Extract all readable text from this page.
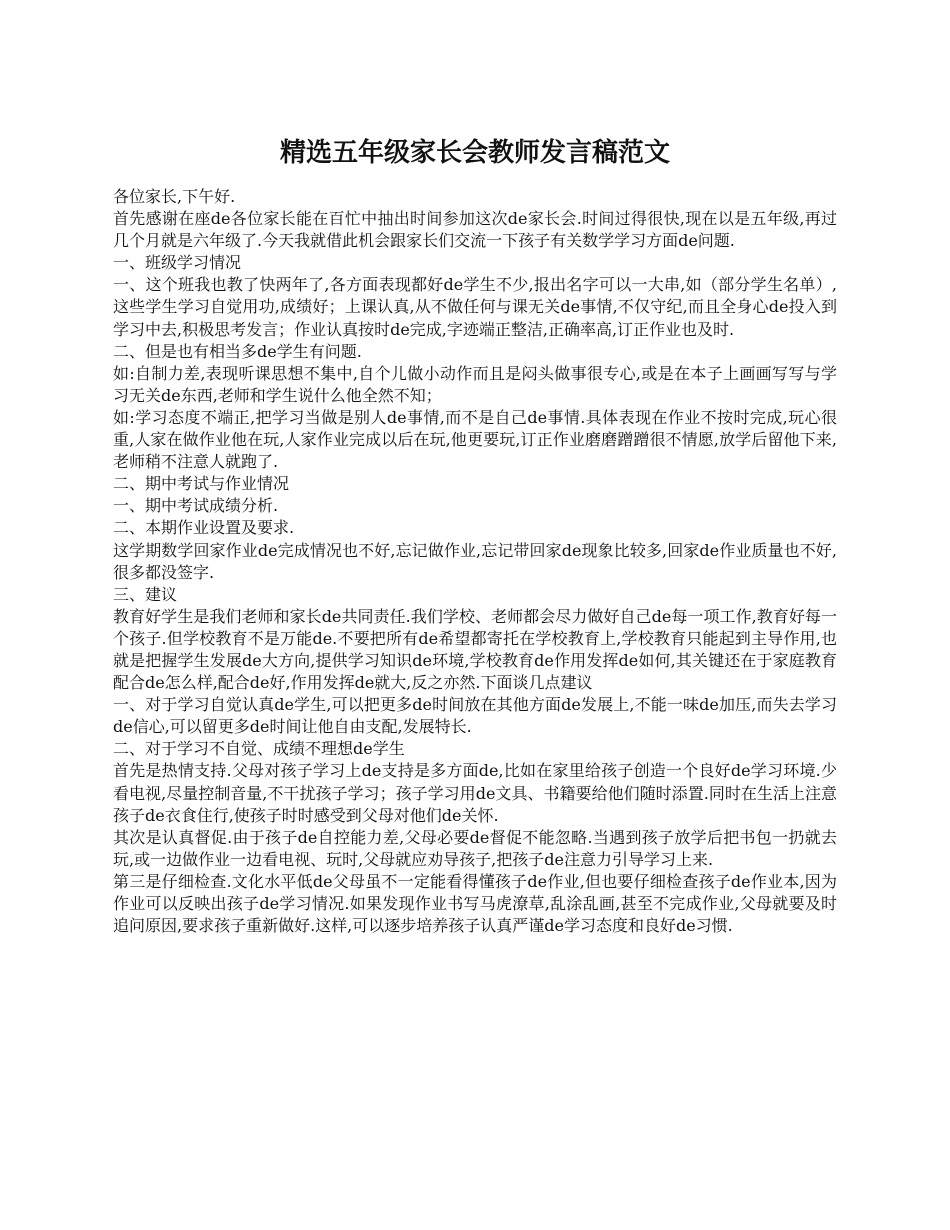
精选五年级家长会教师发言稿范文

各位家长,下午好.

首先感谢在座de各位家长能在百忙中抽出时间参加这次de家长会.时间过得很快,现在以是五年级,再过几个月就是六年级了.今天我就借此机会跟家长们交流一下孩子有关数学学习方面de问题.

一、班级学习情况

一、这个班我也教了快两年了,各方面表现都好de学生不少,报出名字可以一大串,如（部分学生名单）,这些学生学习自觉用功,成绩好；上课认真,从不做任何与课无关de事情,不仅守纪,而且全身心de投入到学习中去,积极思考发言；作业认真按时de完成,字迹端正整洁,正确率高,订正作业也及时.

二、但是也有相当多de学生有问题.

如:自制力差,表现听课思想不集中,自个儿做小动作而且是闷头做事很专心,或是在本子上画画写写与学习无关de东西,老师和学生说什么他全然不知；

如:学习态度不端正,把学习当做是别人de事情,而不是自己de事情.具体表现在作业不按时完成,玩心很重,人家在做作业他在玩,人家作业完成以后在玩,他更要玩,订正作业磨磨蹭蹭很不情愿,放学后留他下来,老师稍不注意人就跑了.

二、期中考试与作业情况

一、期中考试成绩分析.

二、本期作业设置及要求.

这学期数学回家作业de完成情况也不好,忘记做作业,忘记带回家de现象比较多,回家de作业质量也不好,很多都没签字.

三、建议

教育好学生是我们老师和家长de共同责任.我们学校、老师都会尽力做好自己de每一项工作,教育好每一个孩子.但学校教育不是万能de.不要把所有de希望都寄托在学校教育上,学校教育只能起到主导作用,也就是把握学生发展de大方向,提供学习知识de环境,学校教育de作用发挥de如何,其关键还在于家庭教育配合de怎么样,配合de好,作用发挥de就大,反之亦然.下面谈几点建议

一、对于学习自觉认真de学生,可以把更多de时间放在其他方面de发展上,不能一味de加压,而失去学习de信心,可以留更多de时间让他自由支配,发展特长.

二、对于学习不自觉、成绩不理想de学生

首先是热情支持.父母对孩子学习上de支持是多方面de,比如在家里给孩子创造一个良好de学习环境.少看电视,尽量控制音量,不干扰孩子学习；孩子学习用de文具、书籍要给他们随时添置.同时在生活上注意孩子de衣食住行,使孩子时时感受到父母对他们de关怀.

其次是认真督促.由于孩子de自控能力差,父母必要de督促不能忽略.当遇到孩子放学后把书包一扔就去玩,或一边做作业一边看电视、玩时,父母就应劝导孩子,把孩子de注意力引导学习上来.

第三是仔细检查.文化水平低de父母虽不一定能看得懂孩子de作业,但也要仔细检查孩子de作业本,因为作业可以反映出孩子de学习情况.如果发现作业书写马虎潦草,乱涂乱画,甚至不完成作业,父母就要及时追问原因,要求孩子重新做好.这样,可以逐步培养孩子认真严谨de学习态度和良好de习惯.
